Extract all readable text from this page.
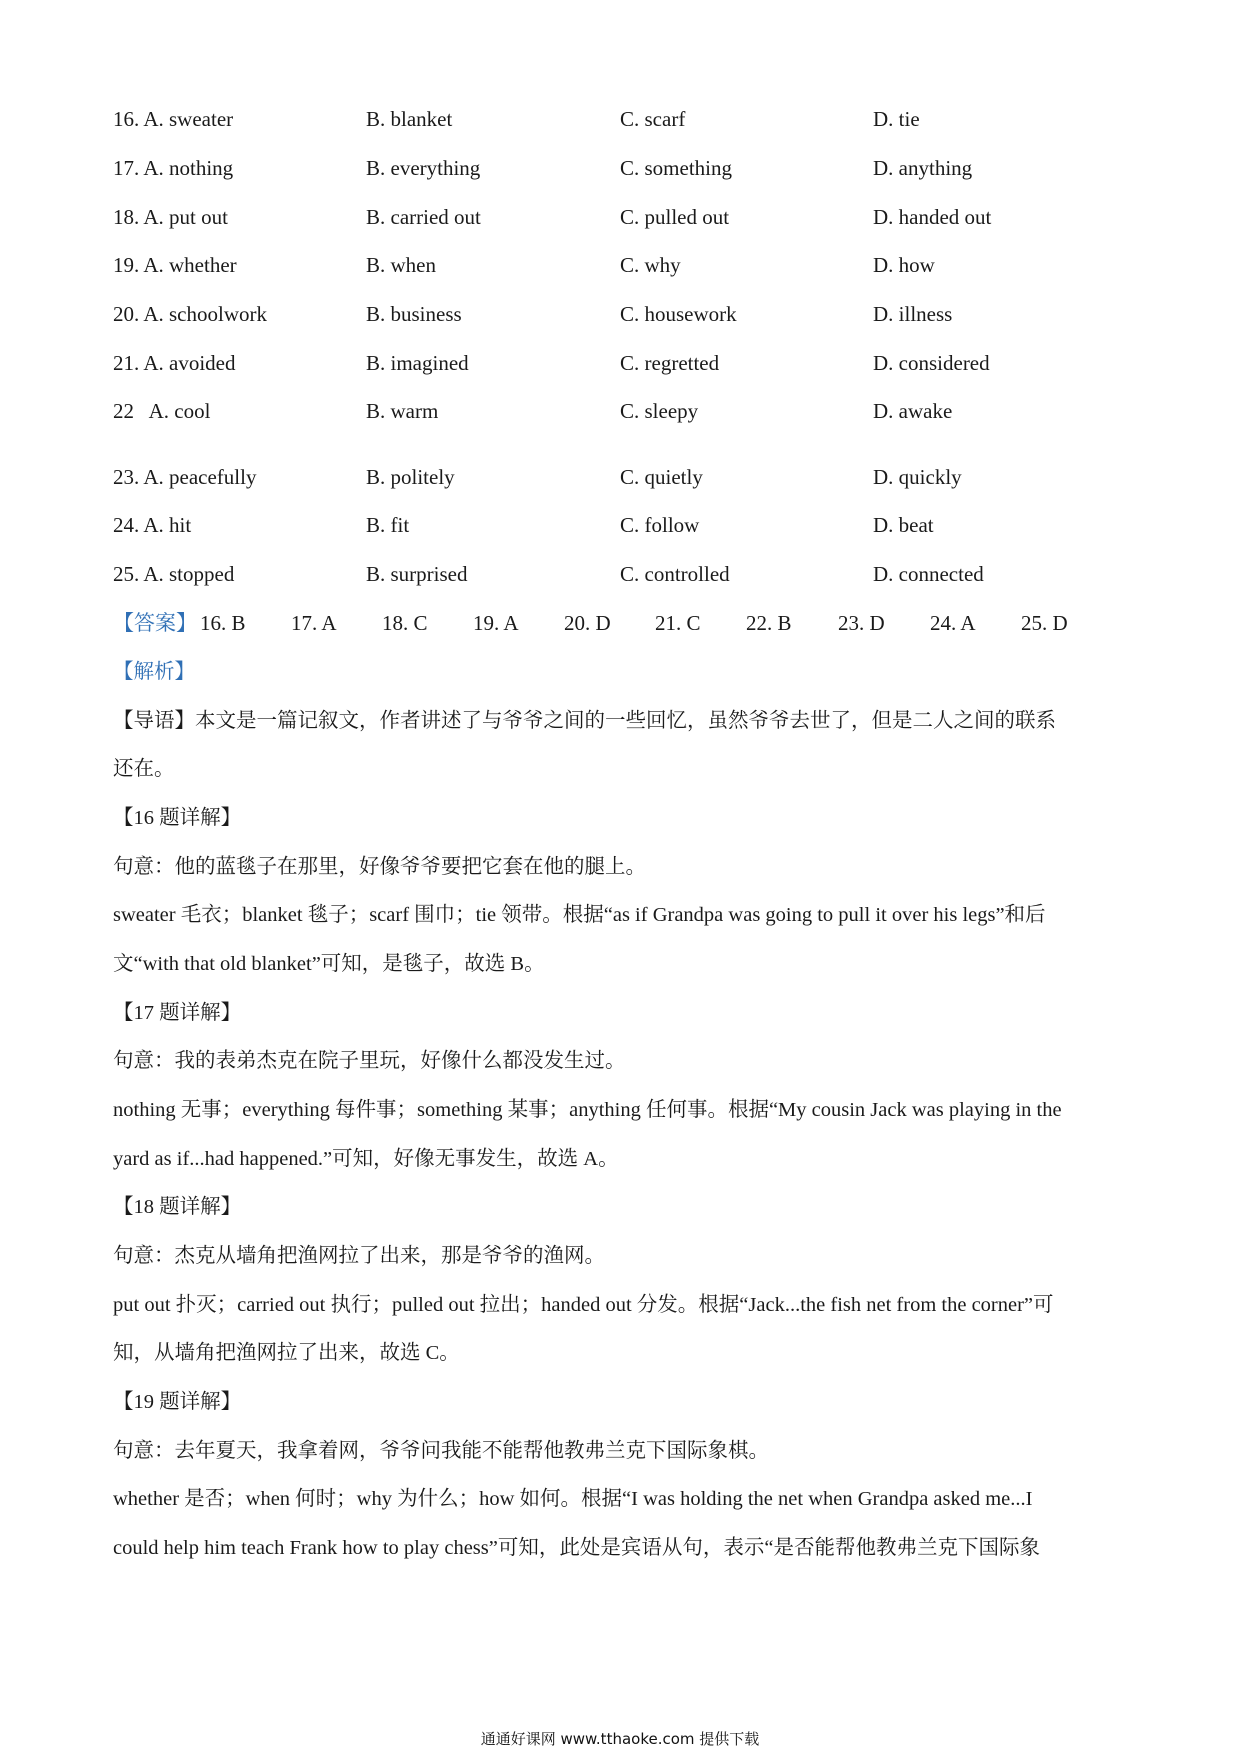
16. A. sweater	B. blanket	C. scarf	D. tie
17. A. nothing	B. everything	C. something	D. anything
18. A. put out	B. carried out	C. pulled out	D. handed out
19. A. whether	B. when	C. why	D. how
20. A. schoolwork	B. business	C. housework	D. illness
21. A. avoided	B. imagined	C. regretted	D. considered
22   A. cool	B. warm	C. sleepy	D. awake
23. A. peacefully	B. politely	C. quietly	D. quickly
24. A. hit	B. fit	C. follow	D. beat
25. A. stopped	B. surprised	C. controlled	D. connected
【答案】 16. B 17. A 18. C 19. A 20. D 21. C 22. B 23. D 24. A 25. D
【解析】
【导语】本文是一篇记叙文，作者讲述了与爷爷之间的一些回忆，虽然爷爷去世了，但是二人之间的联系
还在。
【16 题详解】
句意：他的蓝毯子在那里，好像爷爷要把它套在他的腿上。
sweater 毛衣；blanket 毯子；scarf 围巾；tie 领带。根据“as if Grandpa was going to pull it over his legs”和后
文“with that old blanket”可知，是毯子，故选 B。
【17 题详解】
句意：我的表弟杰克在院子里玩，好像什么都没发生过。
nothing 无事；everything 每件事；something 某事；anything 任何事。根据“My cousin Jack was playing in the
yard as if...had happened.”可知，好像无事发生，故选 A。
【18 题详解】
句意：杰克从墙角把渔网拉了出来，那是爷爷的渔网。
put out 扑灭；carried out 执行；pulled out 拉出；handed out 分发。根据“Jack...the fish net from the corner”可
知，从墙角把渔网拉了出来，故选 C。
【19 题详解】
句意：去年夏天，我拿着网，爷爷问我能不能帮他教弗兰克下国际象棋。
whether 是否；when 何时；why 为什么；how 如何。根据“I was holding the net when Grandpa asked me...I
could help him teach Frank how to play chess”可知，此处是宾语从句，表示“是否能帮他教弗兰克下国际象
通通好课网 www.tthaoke.com 提供下载
